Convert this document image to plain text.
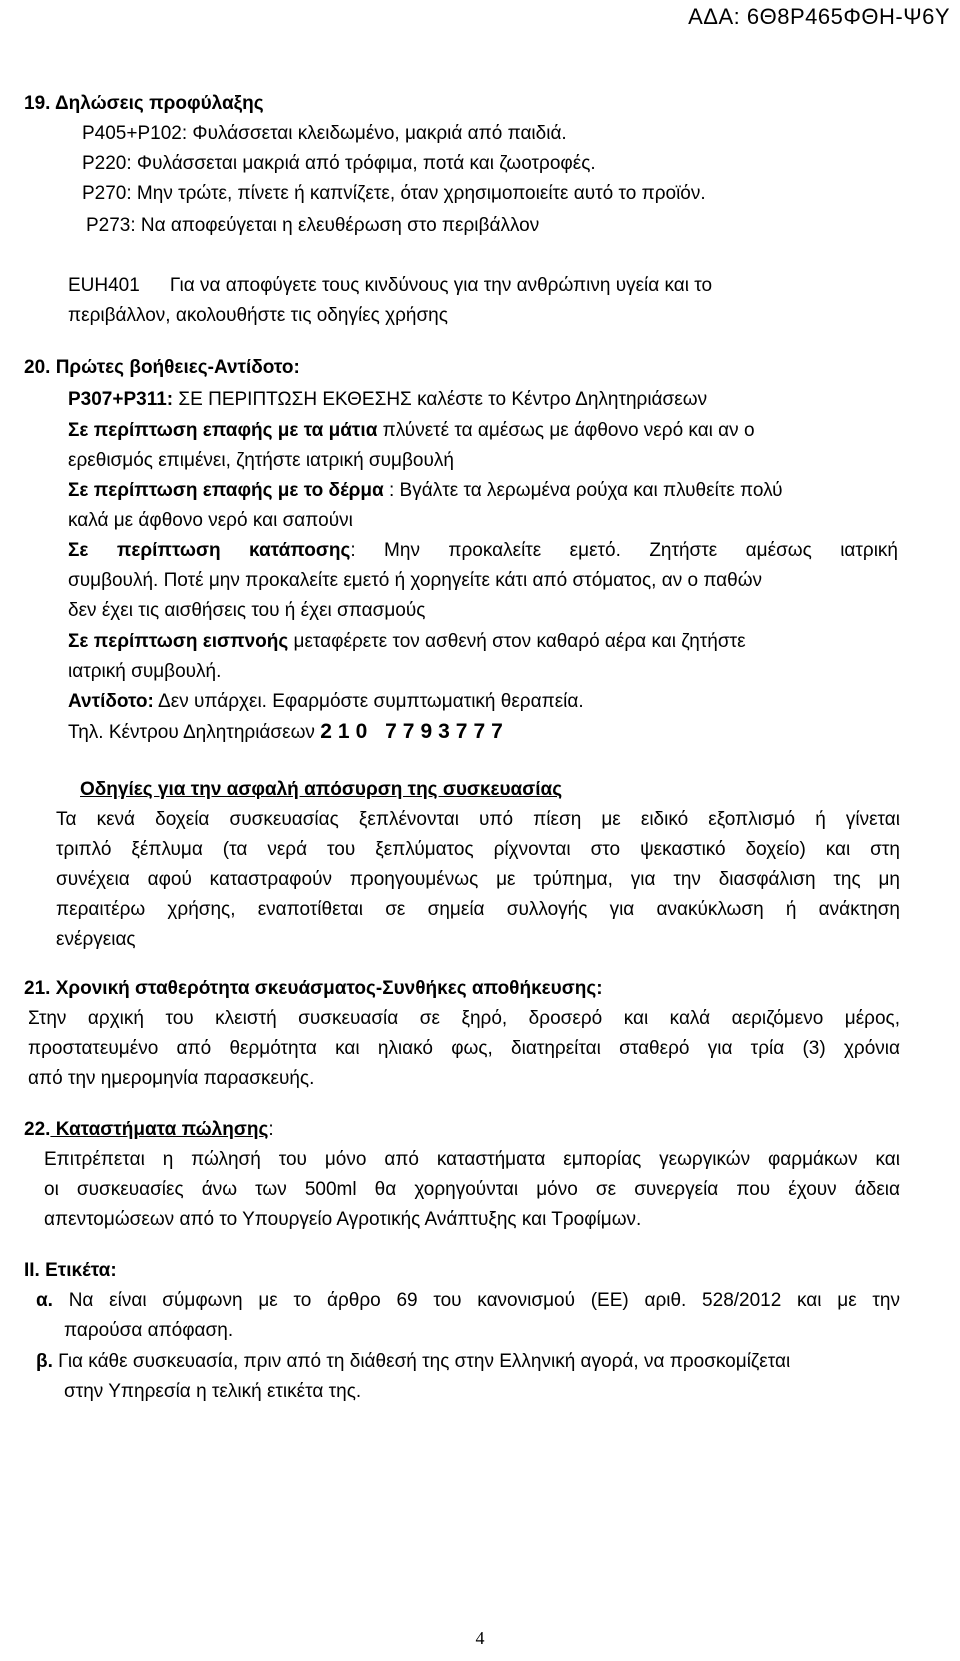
ΑΔΑ: 6Θ8Ρ465ΦΘΗ-Ψ6Υ
19. Δηλώσεις προφύλαξης
P405+P102: Φυλάσσεται κλειδωμένο, μακριά από παιδιά.
P220: Φυλάσσεται μακριά από τρόφιμα, ποτά και ζωοτροφές.
P270: Μην τρώτε, πίνετε ή καπνίζετε, όταν χρησιμοποιείτε αυτό το προϊόν.
P273: Να αποφεύγεται η ελευθέρωση στο περιβάλλον
EUH401 Για να αποφύγετε τους κινδύνους για την ανθρώπινη υγεία και το
περιβάλλον, ακολουθήστε τις οδηγίες χρήσης
20. Πρώτες βοήθειες-Αντίδοτο:
P307+P311: ΣΕ ΠΕΡΙΠΤΩΣΗ ΕΚΘΕΣΗΣ καλέστε το Κέντρο Δηλητηριάσεων
Σε περίπτωση επαφής με τα μάτια πλύνετέ τα αμέσως με άφθονο νερό και αν ο
ερεθισμός επιμένει, ζητήστε ιατρική συμβουλή
Σε περίπτωση επαφής με το δέρμα : Βγάλτε τα λερωμένα ρούχα και πλυθείτε πολύ
καλά με άφθονο νερό και σαπούνι
Σε περίπτωση κατάποσης: Μην προκαλείτε εμετό. Ζητήστε αμέσως ιατρική
συμβουλή. Ποτέ μην προκαλείτε εμετό ή χορηγείτε κάτι από στόματος, αν ο παθών
δεν έχει τις αισθήσεις του ή έχει σπασμούς
Σε περίπτωση εισπνοής μεταφέρετε τον ασθενή στον καθαρό αέρα και ζητήστε
ιατρική συμβουλή.
Αντίδοτο: Δεν υπάρχει. Εφαρμόστε συμπτωματική θεραπεία.
Τηλ. Κέντρου Δηλητηριάσεων 210 7793777
Οδηγίες για την ασφαλή απόσυρση της συσκευασίας
Τα κενά δοχεία συσκευασίας ξεπλένονται υπό πίεση με ειδικό εξοπλισμό ή γίνεται
τριπλό ξέπλυμα (τα νερά του ξεπλύματος ρίχνονται στο ψεκαστικό δοχείο) και στη
συνέχεια αφού καταστραφούν προηγουμένως με τρύπημα, για την διασφάλιση της μη
περαιτέρω χρήσης, εναποτίθεται σε σημεία συλλογής για ανακύκλωση ή ανάκτηση
ενέργειας
21. Χρονική σταθερότητα σκευάσματος-Συνθήκες αποθήκευσης:
Στην αρχική του κλειστή συσκευασία σε ξηρό, δροσερό και καλά αεριζόμενο μέρος,
προστατευμένο από θερμότητα και ηλιακό φως, διατηρείται σταθερό για τρία (3) χρόνια
από την ημερομηνία παρασκευής.
22. Καταστήματα πώλησης:
Επιτρέπεται η πώλησή του μόνο από καταστήματα εμπορίας γεωργικών φαρμάκων και
οι συσκευασίες άνω των 500ml θα χορηγούνται μόνο σε συνεργεία που έχουν άδεια
απεντομώσεων από το Υπουργείο Αγροτικής Ανάπτυξης και Τροφίμων.
II. Ετικέτα:
α. Να είναι σύμφωνη με το άρθρο 69 του κανονισμού (ΕΕ) αριθ. 528/2012 και με την
παρούσα απόφαση.
β. Για κάθε συσκευασία, πριν από τη διάθεσή της στην Ελληνική αγορά, να προσκομίζεται
στην Υπηρεσία η τελική ετικέτα της.
4
